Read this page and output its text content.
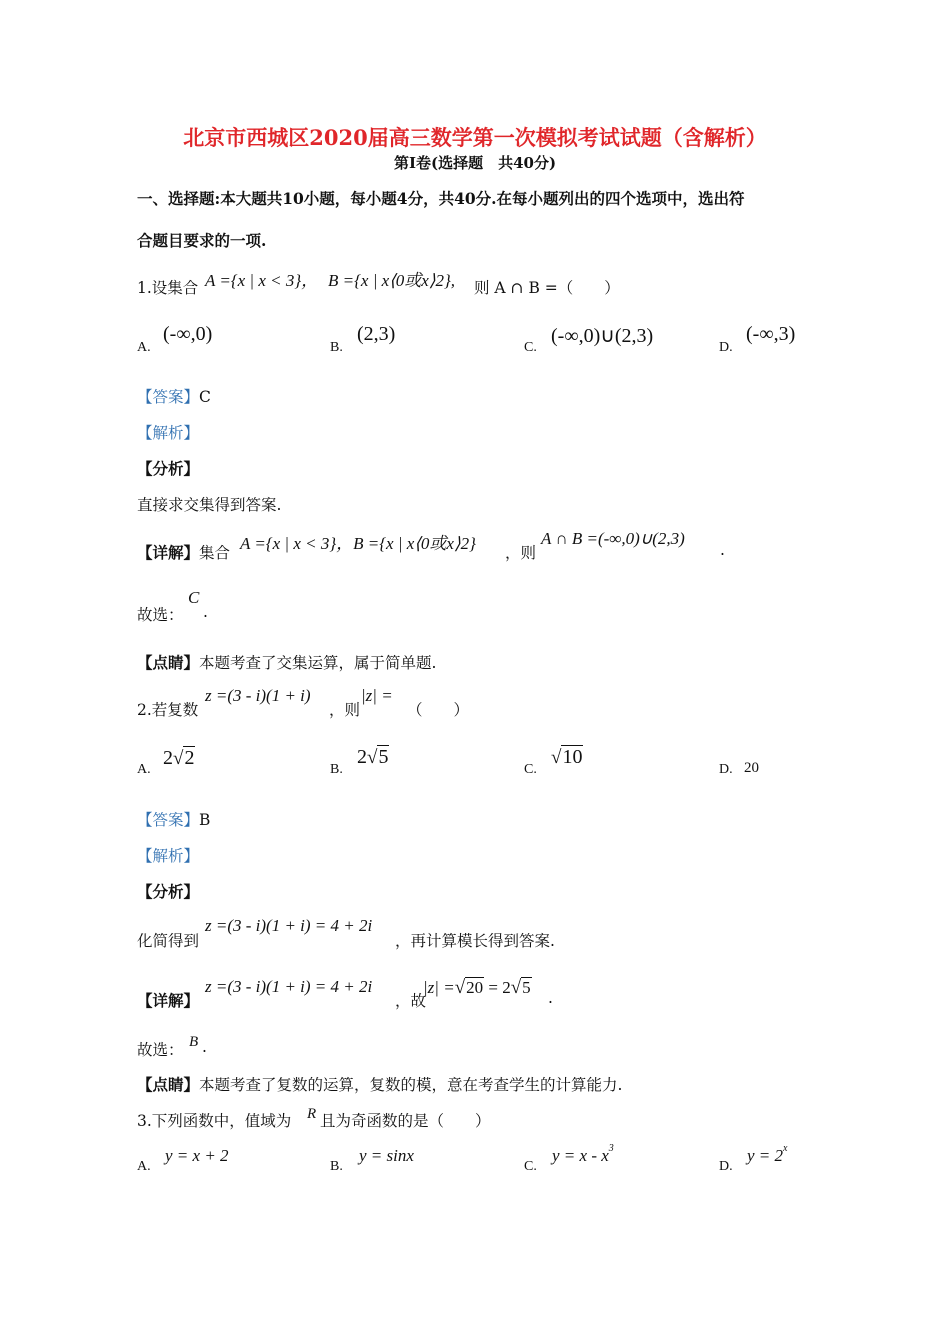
北京市西城区2020届高三数学第一次模拟考试试题（含解析）
第Ⅰ卷(选择题　共40分)
一、选择题:本大题共10小题，每小题4分，共40分.在每小题列出的四个选项中，选出符
合题目要求的一项.
1.设集合 A ={x | x < 3}， B ={x | x⟨0或x⟩2}, 则 A ∩ B =（　　）
A.
(-∞,0)
B.
(2,3)
C.
(-∞,0)∪(2,3)
D.
(-∞,3)
【答案】C
【解析】
【分析】
直接求交集得到答案.
【详解】集合 A ={x | x < 3}，B ={x | x⟨0或x⟩2} ，则
A ∩ B =(-∞,0)∪(2,3)
.
故选：
C
.
【点睛】本题考查了交集运算，属于简单题.
2.若复数
z =(3 - i)(1 + i)
，则
|z| =
（　　）
A.
2√2
B.
2√5
C.
√10
D. 20
【答案】B
【解析】
【分析】
化简得到
z =(3 - i)(1 + i) = 4 + 2i
，再计算模长得到答案.
【详解】
z =(3 - i)(1 + i) = 4 + 2i
，故
|z| =√20 = 2√5
.
故选： B .
【点睛】本题考查了复数的运算，复数的模，意在考查学生的计算能力.
3.下列函数中，值域为 R 且为奇函数的是（　　）
A.
y = x + 2
B.
y = sinx
C.
$y = x - x^3$
D.
$y = 2^x$
